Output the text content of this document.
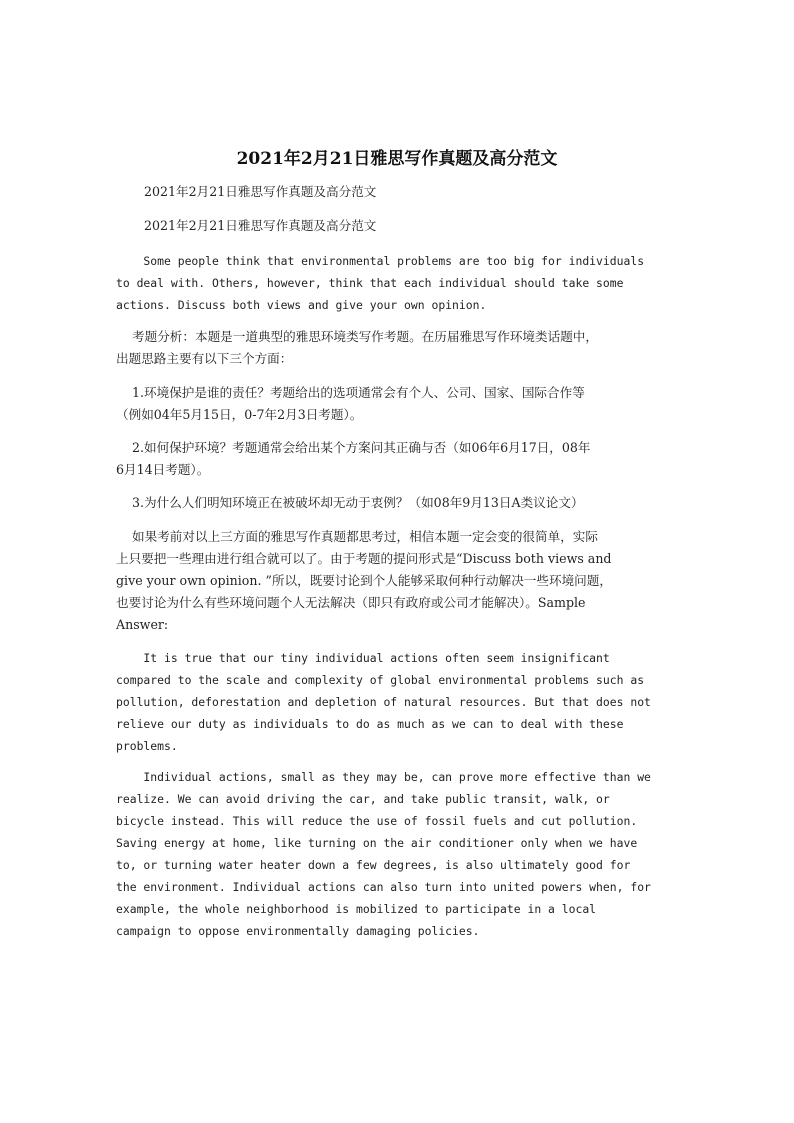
2021年2月21日雅思写作真题及高分范文
2021年2月21日雅思写作真题及高分范文
2021年2月21日雅思写作真题及高分范文
Some people think that environmental problems are too big for individuals
to deal with. Others, however, think that each individual should take some
actions. Discuss both views and give your own opinion.
考题分析：本题是一道典型的雅思环境类写作考题。在历届雅思写作环境类话题中，
出题思路主要有以下三个方面：
1.环境保护是谁的责任？考题给出的选项通常会有个人、公司、国家、国际合作等
（例如04年5月15日，0-7年2月3日考题）。
2.如何保护环境？考题通常会给出某个方案问其正确与否（如06年6月17日，08年
6月14日考题）。
3.为什么人们明知环境正在被破坏却无动于衷例？（如08年9月13日A类议论文）
如果考前对以上三方面的雅思写作真题都思考过，相信本题一定会变的很简单，实际
上只要把一些理由进行组合就可以了。由于考题的提问形式是“Discuss both views and
give your own opinion. ”所以，既要讨论到个人能够采取何种行动解决一些环境问题，
也要讨论为什么有些环境问题个人无法解决（即只有政府或公司才能解决）。Sample
Answer:
It is true that our tiny individual actions often seem insignificant
compared to the scale and complexity of global environmental problems such as
pollution, deforestation and depletion of natural resources. But that does not
relieve our duty as individuals to do as much as we can to deal with these
problems.
Individual actions, small as they may be, can prove more effective than we
realize. We can avoid driving the car, and take public transit, walk, or
bicycle instead. This will reduce the use of fossil fuels and cut pollution.
Saving energy at home, like turning on the air conditioner only when we have
to, or turning water heater down a few degrees, is also ultimately good for
the environment. Individual actions can also turn into united powers when, for
example, the whole neighborhood is mobilized to participate in a local
campaign to oppose environmentally damaging policies.
